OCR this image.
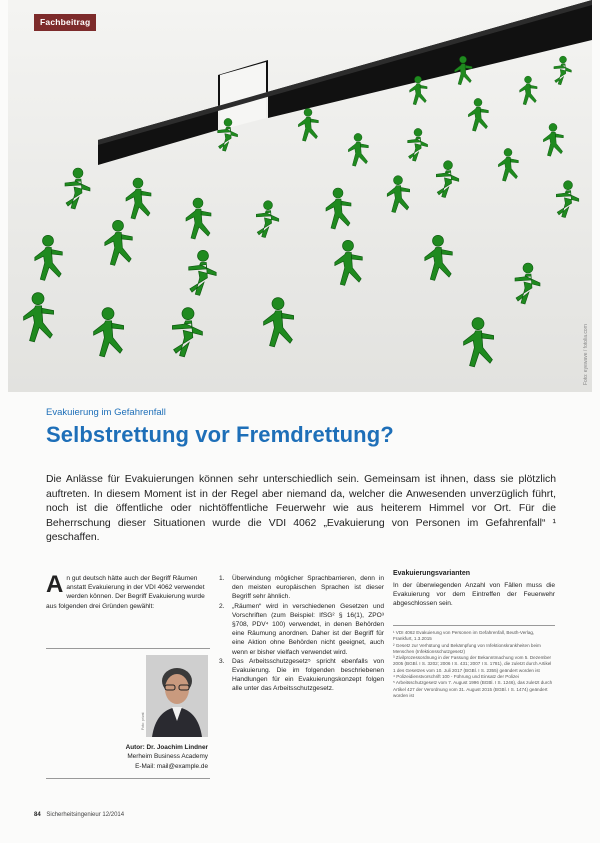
Foto: eyewave / fotolia.com
Fachbeitrag
Evakuierung im Gefahrenfall
Selbstrettung vor Fremdrettung?

Die Anlässe für Evakuierungen können sehr unterschiedlich sein. Gemeinsam ist ihnen, dass sie plötzlich auftreten. In diesem Moment ist in der Regel aber niemand da, welcher die Anwesenden unverzüglich führt, noch ist die öffentliche oder nichtöffentliche Feuerwehr wie aus heiterem Himmel vor Ort. Für die Beherrschung dieser Situationen wurde die VDI 4062 „Evakuierung von Personen im Gefahrenfall“ ¹ geschaffen.

A n gut deutsch hätte auch der Begriff Räumen anstatt Evakuierung in der VDI 4062 verwendet werden können. Der Begriff Evakuierung wurde aus folgenden drei Gründen gewählt:
Foto: privat
Autor: Dr. Joachim Lindner
Merheim Business Academy
E-Mail: mail@example.de
1. Überwindung möglicher Sprachbarrieren, denn in den meisten europäischen Sprachen ist dieser Begriff sehr ähnlich.
2. „Räumen“ wird in verschiedenen Gesetzen und Vorschriften (zum Beispiel: IfSG² § 16(1), ZPO³ §708, PDV⁴ 100) verwendet, in denen Behörden eine Räumung anordnen. Daher ist der Begriff für eine Aktion ohne Behörden nicht geeignet, auch wenn er bisher vielfach verwendet wird.
3. Das Arbeitsschutzgesetz⁵ spricht ebenfalls von Evakuierung. Die im folgenden beschriebenen Handlungen für ein Evakuierungskonzept folgen alle unter das Arbeitsschutzgesetz.
Evakuierungsvarianten
In der überwiegenden Anzahl von Fällen muss die Evakuierung vor dem Eintreffen der Feuerwehr abgeschlossen sein.

¹ VDI 4062 Evakuierung von Personen im Gefahrenfall, Beuth-Verlag, Frankfurt, 1.3.2015

² Gesetz zur Verhütung und Bekämpfung von Infektionskrankheiten beim Menschen (Infektionsschutzgesetz)

³ Zivilprozessordnung in der Fassung der Bekanntmachung vom 5. Dezember 2005 (BGBl. I S. 3202; 2006 I S. 431; 2007 I S. 1781), die zuletzt durch Artikel 1 des Gesetzes vom 10. Juli 2017 (BGBl. I S. 2355) geändert worden ist

⁴ Polizeidienstvorschrift 100 - Führung und Einsatz der Polizei

⁵ Arbeitsschutzgesetz vom 7. August 1996 (BGBl. I S. 1246), das zuletzt durch Artikel 427 der Verordnung vom 31. August 2015 (BGBl. I S. 1474) geändert worden ist

84 Sicherheitsingenieur 12/2014
